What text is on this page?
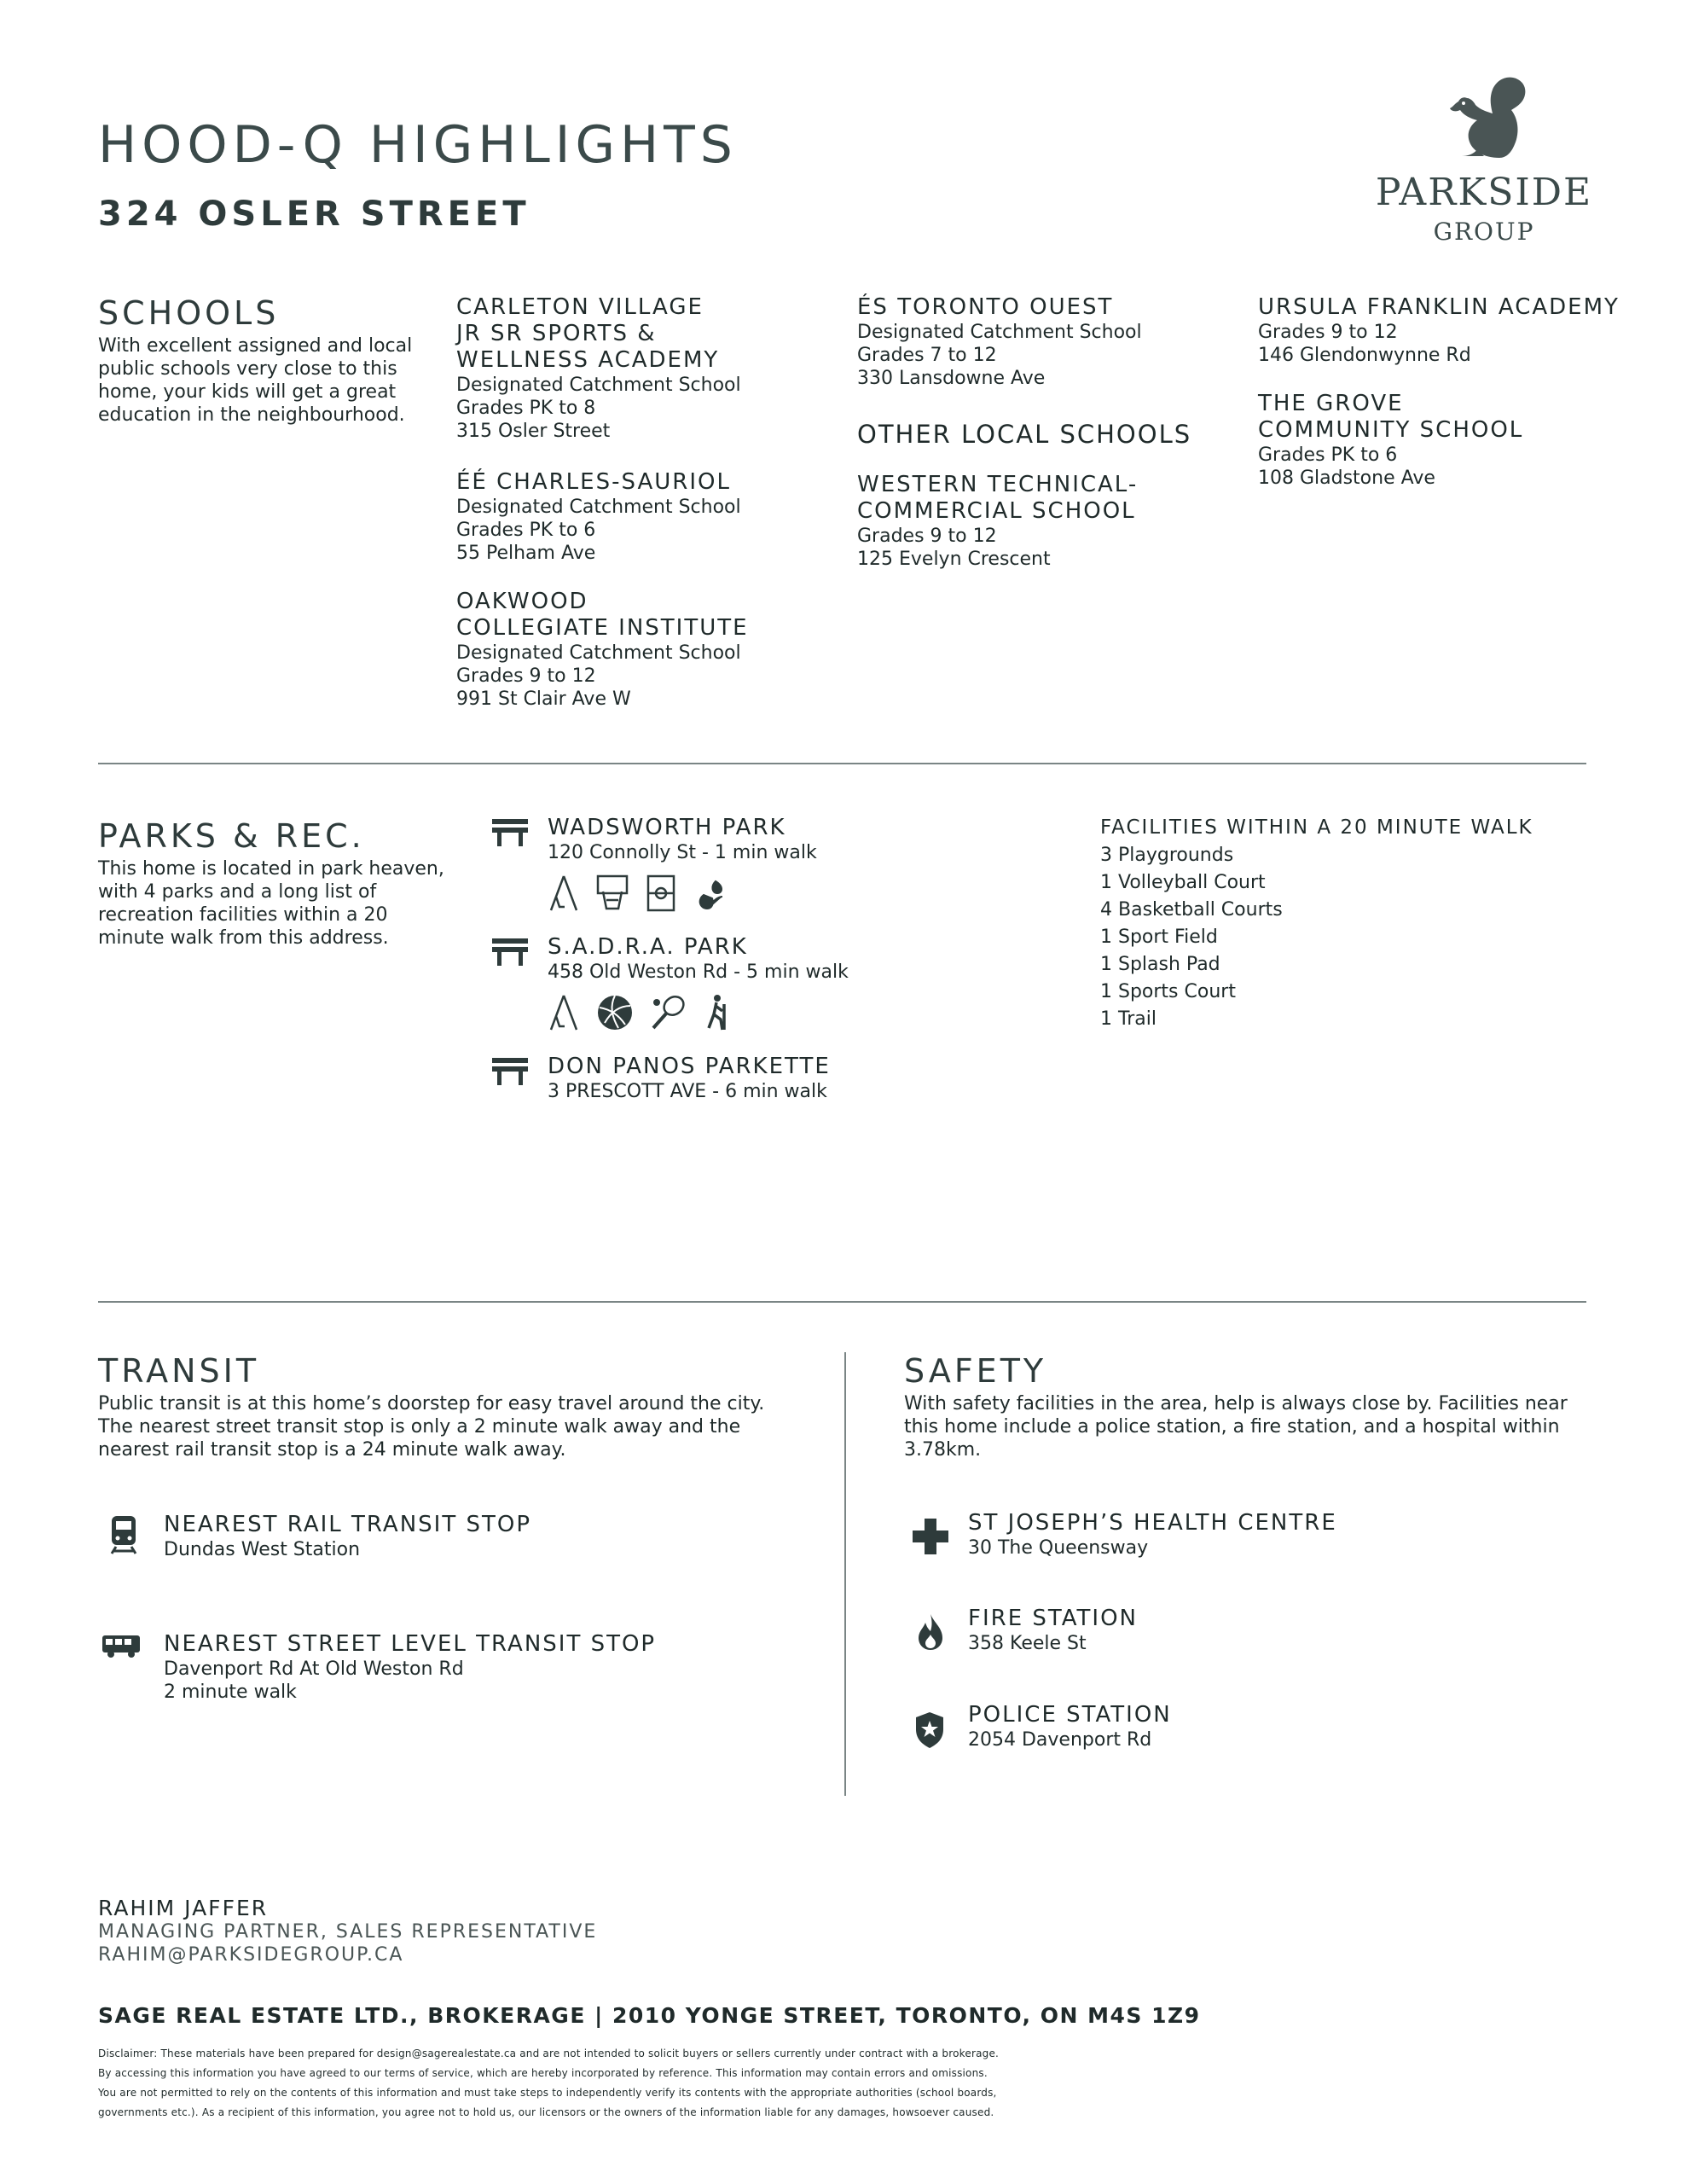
HOOD-Q HIGHLIGHTS
324 OSLER STREET	PARKSIDE
GROUP
SCHOOLS
With excellent assigned and local public schools very close to this home, your kids will get a great education in the neighbourhood.
CARLETON VILLAGE
JR SR SPORTS &
WELLNESS ACADEMY
Designated Catchment School
Grades PK to 8
315 Osler Street
ÉÉ CHARLES-SAURIOL
Designated Catchment School
Grades PK to 6
55 Pelham Ave
OAKWOOD
COLLEGIATE INSTITUTE
Designated Catchment School
Grades 9 to 12
991 St Clair Ave W
ÉS TORONTO OUEST
Designated Catchment School
Grades 7 to 12
330 Lansdowne Ave
OTHER LOCAL SCHOOLS
WESTERN TECHNICAL-
COMMERCIAL SCHOOL
Grades 9 to 12
125 Evelyn Crescent
URSULA FRANKLIN ACADEMY
Grades 9 to 12
146 Glendonwynne Rd
THE GROVE
COMMUNITY SCHOOL
Grades PK to 6
108 Gladstone Ave
PARKS & REC.
This home is located in park heaven, with 4 parks and a long list of recreation facilities within a 20 minute walk from this address.
WADSWORTH PARK
120 Connolly St - 1 min walk

S.A.D.R.A. PARK
458 Old Weston Rd - 5 min walk

DON PANOS PARKETTE
3 PRESCOTT AVE - 6 min walk
FACILITIES WITHIN A 20 MINUTE WALK
3 Playgrounds
1 Volleyball Court
4 Basketball Courts
1 Sport Field
1 Splash Pad
1 Sports Court
1 Trail
TRANSIT
Public transit is at this home’s doorstep for easy travel around the city. The nearest street transit stop is only a 2 minute walk away and the nearest rail transit stop is a 24 minute walk away.
NEAREST RAIL TRANSIT STOP
Dundas West Station
NEAREST STREET LEVEL TRANSIT STOP
Davenport Rd At Old Weston Rd
2 minute walk
SAFETY
With safety facilities in the area, help is always close by. Facilities near this home include a police station, a fire station, and a hospital within 3.78km.
ST JOSEPH’S HEALTH CENTRE
30 The Queensway
FIRE STATION
358 Keele St
POLICE STATION
2054 Davenport Rd
RAHIM JAFFER
MANAGING PARTNER, SALES REPRESENTATIVE
RAHIM@PARKSIDEGROUP.CA
SAGE REAL ESTATE LTD., BROKERAGE | 2010 YONGE STREET, TORONTO, ON M4S 1Z9
Disclaimer: These materials have been prepared for design@sagerealestate.ca and are not intended to solicit buyers or sellers currently under contract with a brokerage.
By accessing this information you have agreed to our terms of service, which are hereby incorporated by reference. This information may contain errors and omissions.
You are not permitted to rely on the contents of this information and must take steps to independently verify its contents with the appropriate authorities (school boards,
governments etc.). As a recipient of this information, you agree not to hold us, our licensors or the owners of the information liable for any damages, howsoever caused.
